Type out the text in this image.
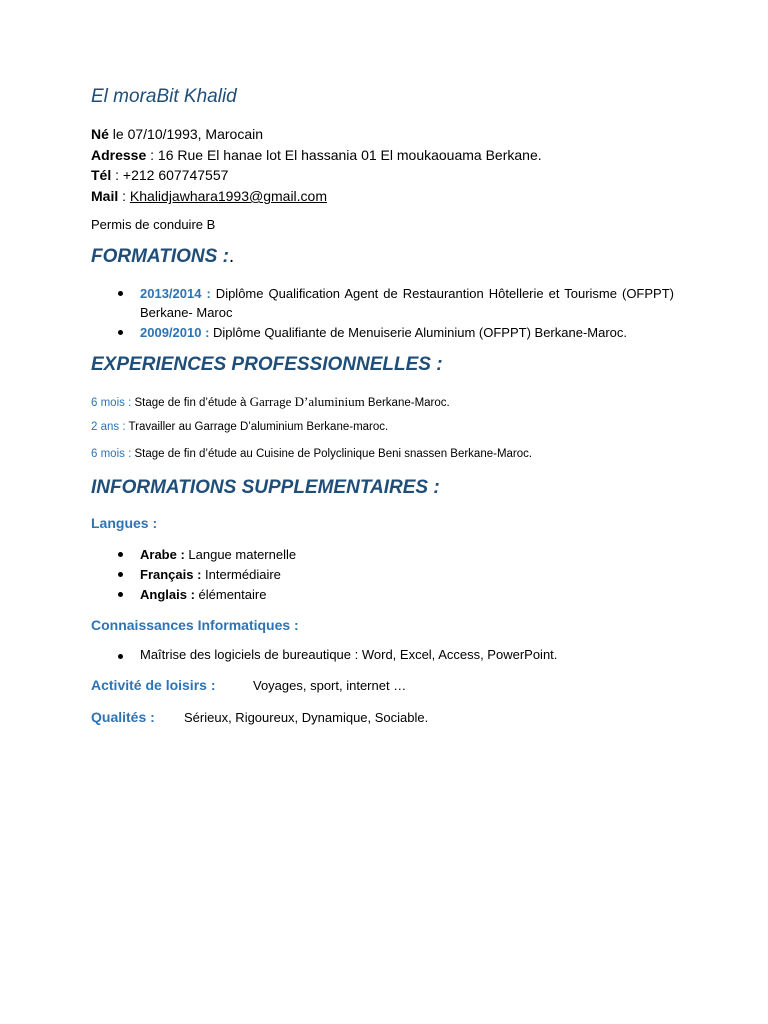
El moraBit Khalid
Né le 07/10/1993, Marocain
Adresse : 16 Rue El hanae lot El hassania 01 El moukaouama Berkane.
Tél : +212 607747557
Mail : Khalidjawhara1993@gmail.com
Permis de conduire B
FORMATIONS :.
2013/2014 : Diplôme Qualification Agent de Restaurantion Hôtellerie et Tourisme (OFPPT) Berkane- Maroc
2009/2010 : Diplôme Qualifiante de Menuiserie Aluminium (OFPPT) Berkane-Maroc.
EXPERIENCES PROFESSIONNELLES :
6 mois : Stage de fin d’étude à Garrage D’aluminium Berkane-Maroc.
2 ans : Travailler au Garrage D’aluminium Berkane-maroc.
6 mois : Stage de fin d’étude au Cuisine de Polyclinique Beni snassen Berkane-Maroc.
INFORMATIONS SUPPLEMENTAIRES :
Langues :
Arabe : Langue maternelle
Français : Intermédiaire
Anglais : élémentaire
Connaissances Informatiques :
Maîtrise des logiciels de bureautique : Word, Excel, Access, PowerPoint.
Activité de loisirs :	Voyages, sport, internet …
Qualités : Sérieux, Rigoureux, Dynamique, Sociable.
